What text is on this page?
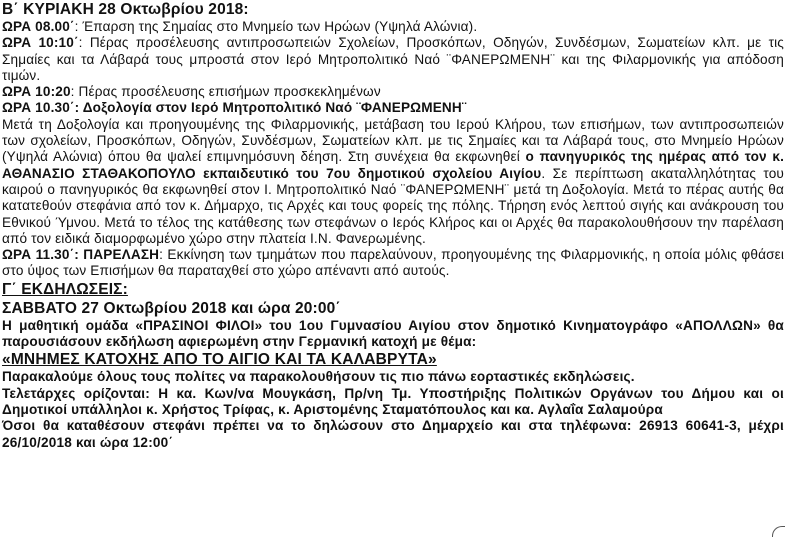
Β΄ ΚΥΡΙΑΚΗ 28 Οκτωβρίου 2018:

ΩΡΑ 08.00΄: Έπαρση της Σημαίας στο Μνημείο των Ηρώων (Υψηλά Αλώνια).

ΩΡΑ 10:10΄: Πέρας προσέλευσης αντιπροσωπειών Σχολείων, Προσκόπων, Οδηγών, Συνδέσμων, Σωματείων κλπ. με τις Σημαίες και τα Λάβαρά τους μπροστά στον Ιερό Μητροπολιτικό Ναό ¨ΦΑΝΕΡΩΜΕΝΗ¨ και της Φιλαρμονικής για απόδοση τιμών.

ΩΡΑ 10:20: Πέρας προσέλευσης επισήμων προσκεκλημένων

ΩΡΑ 10.30΄: Δοξολογία στον Ιερό Μητροπολιτικό Ναό ¨ΦΑΝΕΡΩΜΕΝΗ¨

Μετά τη Δοξολογία και προηγουμένης της Φιλαρμονικής, μετάβαση του Ιερού Κλήρου, των επισήμων, των αντιπροσωπειών των σχολείων, Προσκόπων, Οδηγών, Συνδέσμων, Σωματείων κλπ. με τις Σημαίες και τα Λάβαρά τους, στο Μνημείο Ηρώων (Υψηλά Αλώνια) όπου θα ψαλεί επιμνημόσυνη δέηση. Στη συνέχεια θα εκφωνηθεί ο πανηγυρικός της ημέρας από τον κ. ΑΘΑΝΑΣΙΟ ΣΤΑΘΑΚΟΠΟΥΛΟ εκπαιδευτικό του 7ου δημοτικού σχολείου Αιγίου. Σε περίπτωση ακαταλληλότητας του καιρού ο πανηγυρικός θα εκφωνηθεί στον Ι. Μητροπολιτικό Ναό ¨ΦΑΝΕΡΩΜΕΝΗ¨ μετά τη Δοξολογία. Μετά το πέρας αυτής θα κατατεθούν στεφάνια από τον κ. Δήμαρχο, τις Αρχές και τους φορείς της πόλης. Τήρηση ενός λεπτού σιγής και ανάκρουση του Εθνικού Ύμνου. Μετά το τέλος της κατάθεσης των στεφάνων ο Ιερός Κλήρος και οι Αρχές θα παρακολουθήσουν την παρέλαση από τον ειδικά διαμορφωμένο χώρο στην πλατεία Ι.Ν. Φανερωμένης.

ΩΡΑ 11.30΄: ΠΑΡΕΛΑΣΗ: Εκκίνηση των τμημάτων που παρελαύνουν, προηγουμένης της Φιλαρμονικής, η οποία μόλις φθάσει στο ύψος των Επισήμων θα παραταχθεί στο χώρο απέναντι από αυτούς.

Γ΄ ΕΚΔΗΛΩΣΕΙΣ:

ΣΑΒΒΑΤΟ 27 Οκτωβρίου 2018 και ώρα 20:00΄

Η μαθητική ομάδα «ΠΡΑΣΙΝΟΙ ΦΙΛΟΙ» του 1ου Γυμνασίου Αιγίου στον δημοτικό Κινηματογράφο «ΑΠΟΛΛΩΝ» θα παρουσιάσουν εκδήλωση αφιερωμένη στην Γερμανική κατοχή με θέμα:

«ΜΝΗΜΕΣ ΚΑΤΟΧΗΣ ΑΠΟ ΤΟ ΑΙΓΙΟ ΚΑΙ ΤΑ ΚΑΛΑΒΡΥΤΑ»

Παρακαλούμε όλους τους πολίτες να παρακολουθήσουν τις πιο πάνω εορταστικές εκδηλώσεις.

Τελετάρχες ορίζονται: Η κα. Κων/να Μουγκάση, Πρ/νη Τμ. Υποστήριξης Πολιτικών Οργάνων του Δήμου και οι Δημοτικοί υπάλληλοι κ. Χρήστος Τρίφας, κ. Αριστομένης Σταματόπουλος και κα. Αγλαΐα Σαλαμούρα

Όσοι θα καταθέσουν στεφάνι πρέπει να το δηλώσουν στο Δημαρχείο και στα τηλέφωνα: 26913 60641-3, μέχρι 26/10/2018 και ώρα 12:00΄
